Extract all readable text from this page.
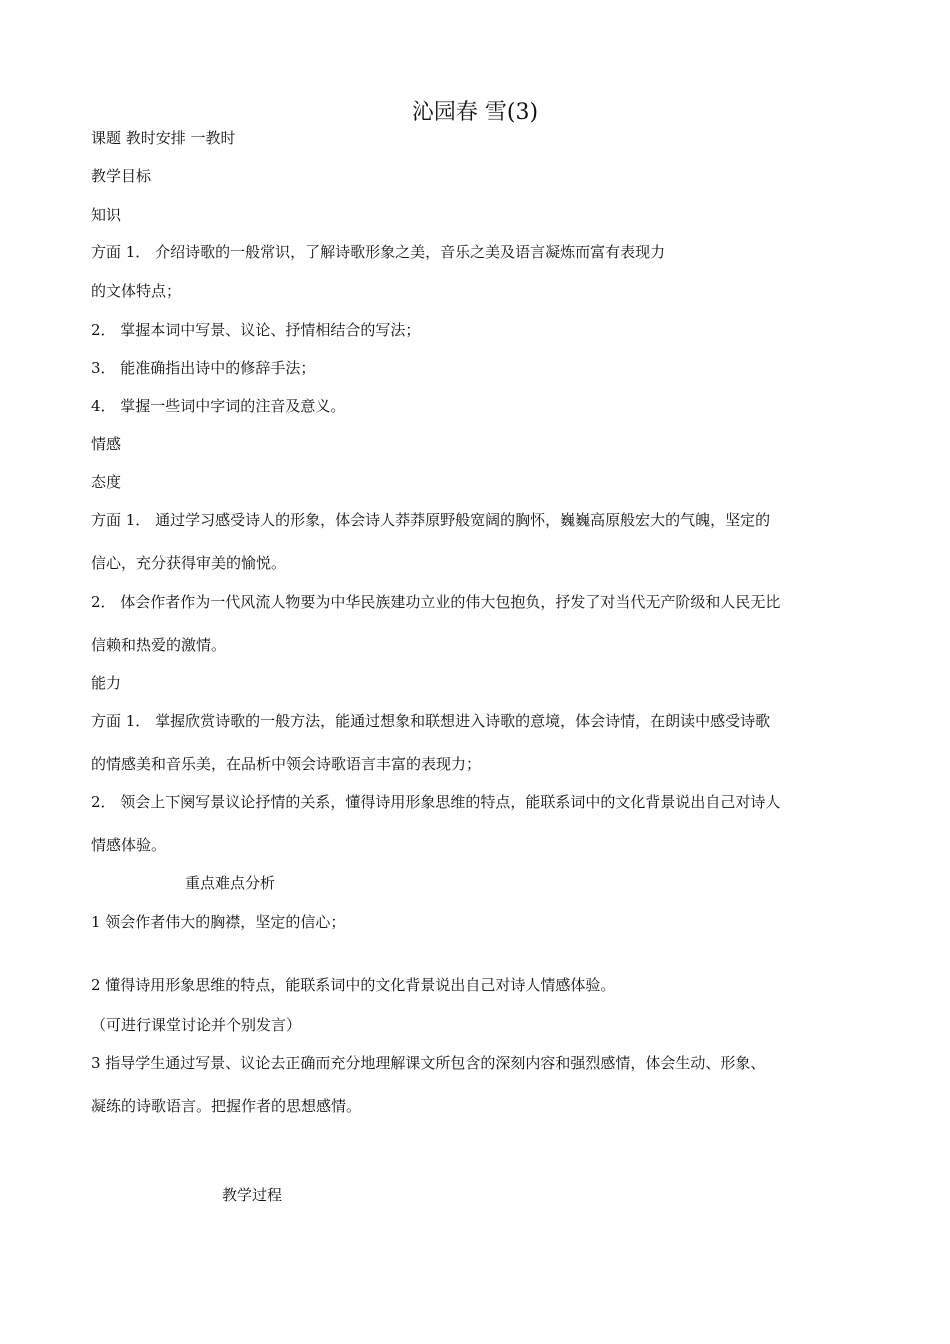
沁园春 雪(3)
课题 教时安排 一教时
教学目标
知识
方面 1． 介绍诗歌的一般常识，了解诗歌形象之美，音乐之美及语言凝炼而富有表现力
的文体特点；
2． 掌握本词中写景、议论、抒情相结合的写法；
3． 能准确指出诗中的修辞手法；
4． 掌握一些词中字词的注音及意义。
情感
态度
方面 1． 通过学习感受诗人的形象，体会诗人莽莽原野般宽阔的胸怀，巍巍高原般宏大的气魄，坚定的
信心，充分获得审美的愉悦。
2． 体会作者作为一代风流人物要为中华民族建功立业的伟大包抱负，抒发了对当代无产阶级和人民无比
信赖和热爱的激情。
能力
方面 1． 掌握欣赏诗歌的一般方法，能通过想象和联想进入诗歌的意境，体会诗情，在朗读中感受诗歌
的情感美和音乐美，在品析中领会诗歌语言丰富的表现力；
2． 领会上下阕写景议论抒情的关系，懂得诗用形象思维的特点，能联系词中的文化背景说出自己对诗人
情感体验。
重点难点分析
1 领会作者伟大的胸襟，坚定的信心；
2 懂得诗用形象思维的特点，能联系词中的文化背景说出自己对诗人情感体验。
（可进行课堂讨论并个别发言）
3 指导学生通过写景、议论去正确而充分地理解课文所包含的深刻内容和强烈感情，体会生动、形象、
凝练的诗歌语言。把握作者的思想感情。
教学过程
